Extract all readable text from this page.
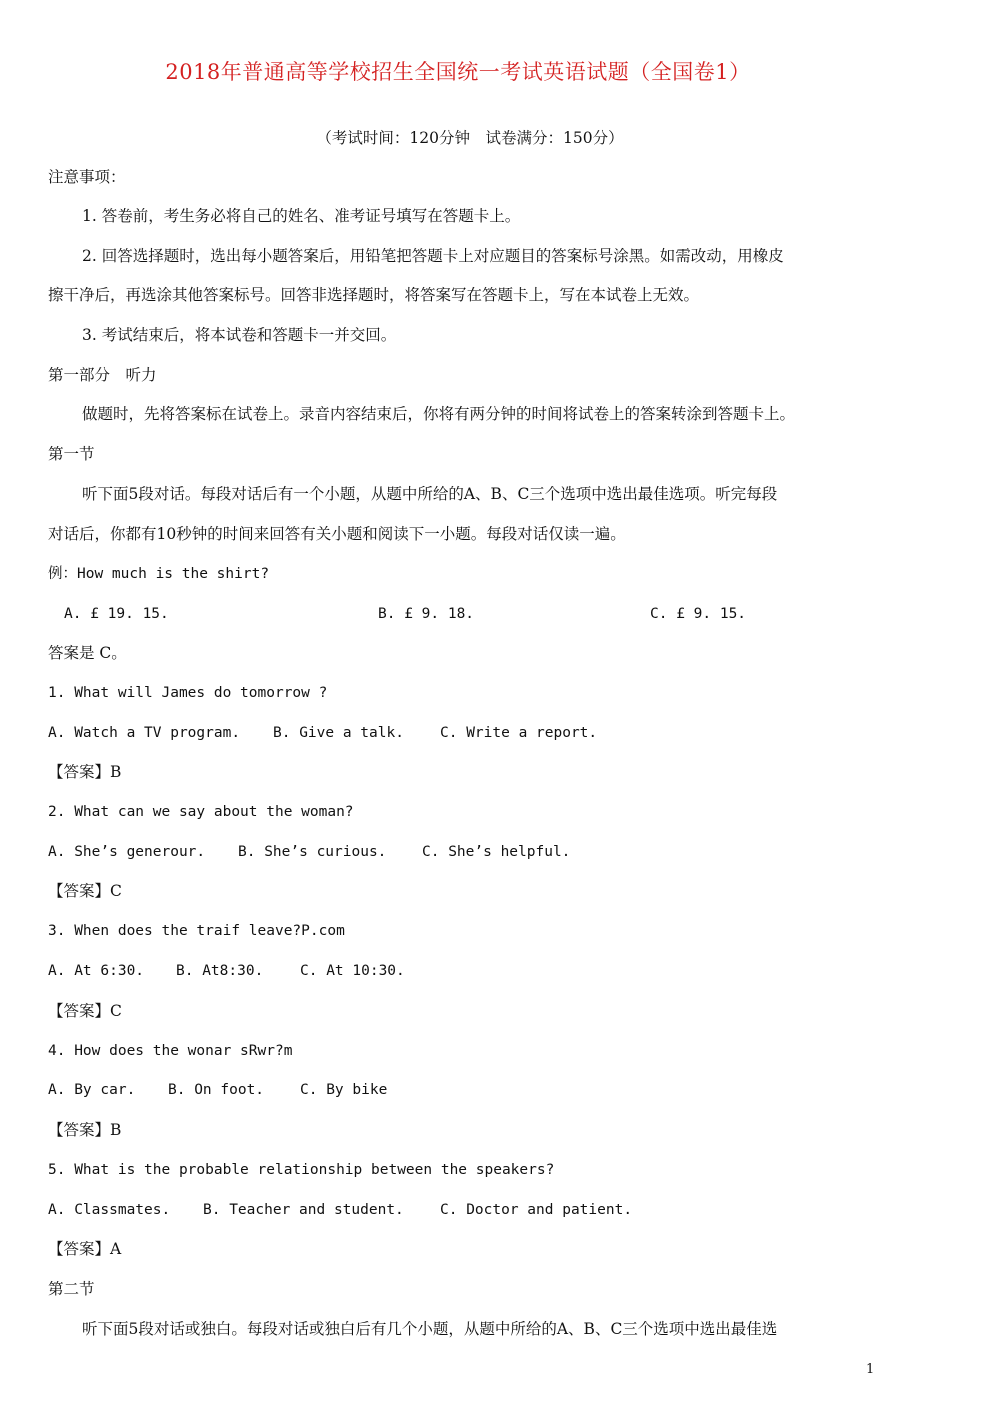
2018年普通高等学校招生全国统一考试英语试题（全国卷1）
（考试时间：120分钟　试卷满分：150分）
注意事项：
1. 答卷前，考生务必将自己的姓名、准考证号填写在答题卡上。
2. 回答选择题时，选出每小题答案后，用铅笔把答题卡上对应题目的答案标号涂黑。如需改动，用橡皮
擦干净后，再选涂其他答案标号。回答非选择题时，将答案写在答题卡上，写在本试卷上无效。
3. 考试结束后，将本试卷和答题卡一并交回。
第一部分　听力
做题时，先将答案标在试卷上。录音内容结束后，你将有两分钟的时间将试卷上的答案转涂到答题卡上。
第一节
听下面5段对话。每段对话后有一个小题，从题中所给的A、B、C三个选项中选出最佳选项。听完每段
对话后，你都有10秒钟的时间来回答有关小题和阅读下一小题。每段对话仅读一遍。
例：How much is the shirt?
A. £ 19. 15.	B. £ 9. 18.	C. £ 9. 15.
答案是 C。
1. What will James do tomorrow ?
A. Watch a TV program. B. Give a talk. C. Write a report.
【答案】B
2. What can we say about the woman?
A. She’s generour. B. She’s curious. C. She’s helpful.
【答案】C
3. When does the traif leave?P.com
A. At 6:30. B. At8:30.	C. At 10:30.
【答案】C
4. How does the wonar sRwr?m
A. By car. B. On foot. C. By bike
【答案】B
5. What is the probable relationship between the speakers?
A. Classmates. B. Teacher and student. C. Doctor and patient.
【答案】A
第二节
听下面5段对话或独白。每段对话或独白后有几个小题，从题中所给的A、B、C三个选项中选出最佳选
1
